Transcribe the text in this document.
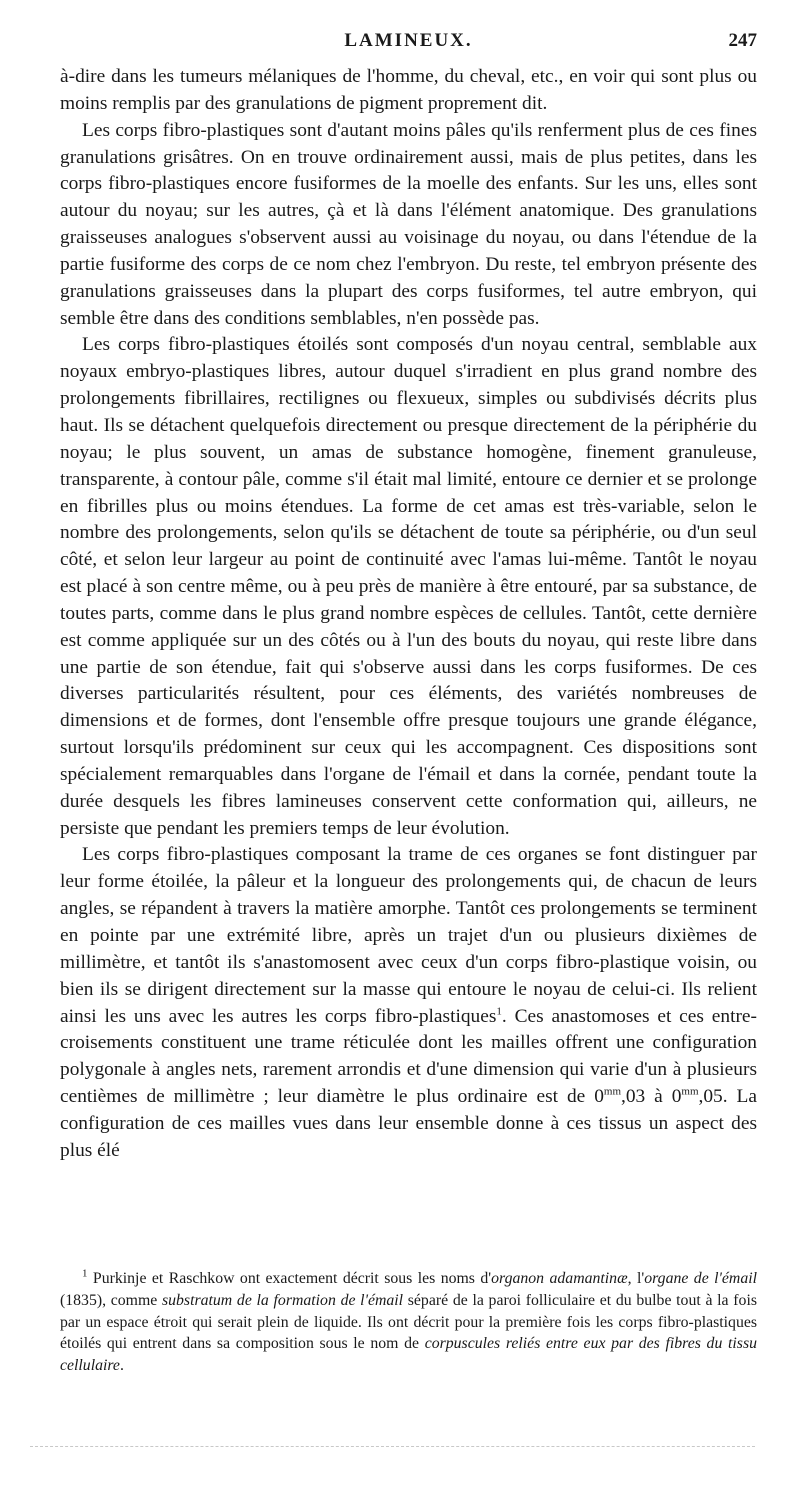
LAMINEUX.	247

à-dire dans les tumeurs mélaniques de l'homme, du cheval, etc., en voir qui sont plus ou moins remplis par des granulations de pigment proprement dit.

Les corps fibro-plastiques sont d'autant moins pâles qu'ils renferment plus de ces fines granulations grisâtres. On en trouve ordinairement aussi, mais de plus petites, dans les corps fibro-plastiques encore fusiformes de la moelle des enfants. Sur les uns, elles sont autour du noyau; sur les autres, çà et là dans l'élément anatomique. Des granulations graisseuses analogues s'observent aussi au voisinage du noyau, ou dans l'étendue de la partie fusiforme des corps de ce nom chez l'embryon. Du reste, tel embryon présente des granulations graisseuses dans la plupart des corps fusiformes, tel autre embryon, qui semble être dans des conditions semblables, n'en possède pas.

Les corps fibro-plastiques étoilés sont composés d'un noyau central, semblable aux noyaux embryo-plastiques libres, autour duquel s'irradient en plus grand nombre des prolongements fibrillaires, rectilignes ou flexueux, simples ou subdivisés décrits plus haut. Ils se détachent quelquefois directement ou presque directement de la périphérie du noyau; le plus souvent, un amas de substance homogène, finement granuleuse, transparente, à contour pâle, comme s'il était mal limité, entoure ce dernier et se prolonge en fibrilles plus ou moins étendues. La forme de cet amas est très-variable, selon le nombre des prolongements, selon qu'ils se détachent de toute sa périphérie, ou d'un seul côté, et selon leur largeur au point de continuité avec l'amas lui-même. Tantôt le noyau est placé à son centre même, ou à peu près de manière à être entouré, par sa substance, de toutes parts, comme dans le plus grand nombre espèces de cellules. Tantôt, cette dernière est comme appliquée sur un des côtés ou à l'un des bouts du noyau, qui reste libre dans une partie de son étendue, fait qui s'observe aussi dans les corps fusiformes. De ces diverses particularités résultent, pour ces éléments, des variétés nombreuses de dimensions et de formes, dont l'ensemble offre presque toujours une grande élégance, surtout lorsqu'ils prédominent sur ceux qui les accompagnent. Ces dispositions sont spécialement remarquables dans l'organe de l'émail et dans la cornée, pendant toute la durée desquels les fibres lamineuses conservent cette conformation qui, ailleurs, ne persiste que pendant les premiers temps de leur évolution.

Les corps fibro-plastiques composant la trame de ces organes se font distinguer par leur forme étoilée, la pâleur et la longueur des prolongements qui, de chacun de leurs angles, se répandent à travers la matière amorphe. Tantôt ces prolongements se terminent en pointe par une extrémité libre, après un trajet d'un ou plusieurs dixièmes de millimètre, et tantôt ils s'anastomosent avec ceux d'un corps fibro-plastique voisin, ou bien ils se dirigent directement sur la masse qui entoure le noyau de celui-ci. Ils relient ainsi les uns avec les autres les corps fibro-plastiques$^1$. Ces anastomoses et ces entre-croisements constituent une trame réticulée dont les mailles offrent une configuration polygonale à angles nets, rarement arrondis et d'une dimension qui varie d'un à plusieurs centièmes de millimètre ; leur diamètre le plus ordinaire est de $0^{mm},03$ à $0^{mm},05$. La configuration de ces mailles vues dans leur ensemble donne à ces tissus un aspect des plus élé

$^1$ Purkinje et Raschkow ont exactement décrit sous les noms d'organon adamantinæ, l'organe de l'émail (1835), comme substratum de la formation de l'émail séparé de la paroi folliculaire et du bulbe tout à la fois par un espace étroit qui serait plein de liquide. Ils ont décrit pour la première fois les corps fibro-plastiques étoilés qui entrent dans sa composition sous le nom de corpuscules reliés entre eux par des fibres du tissu cellulaire.
